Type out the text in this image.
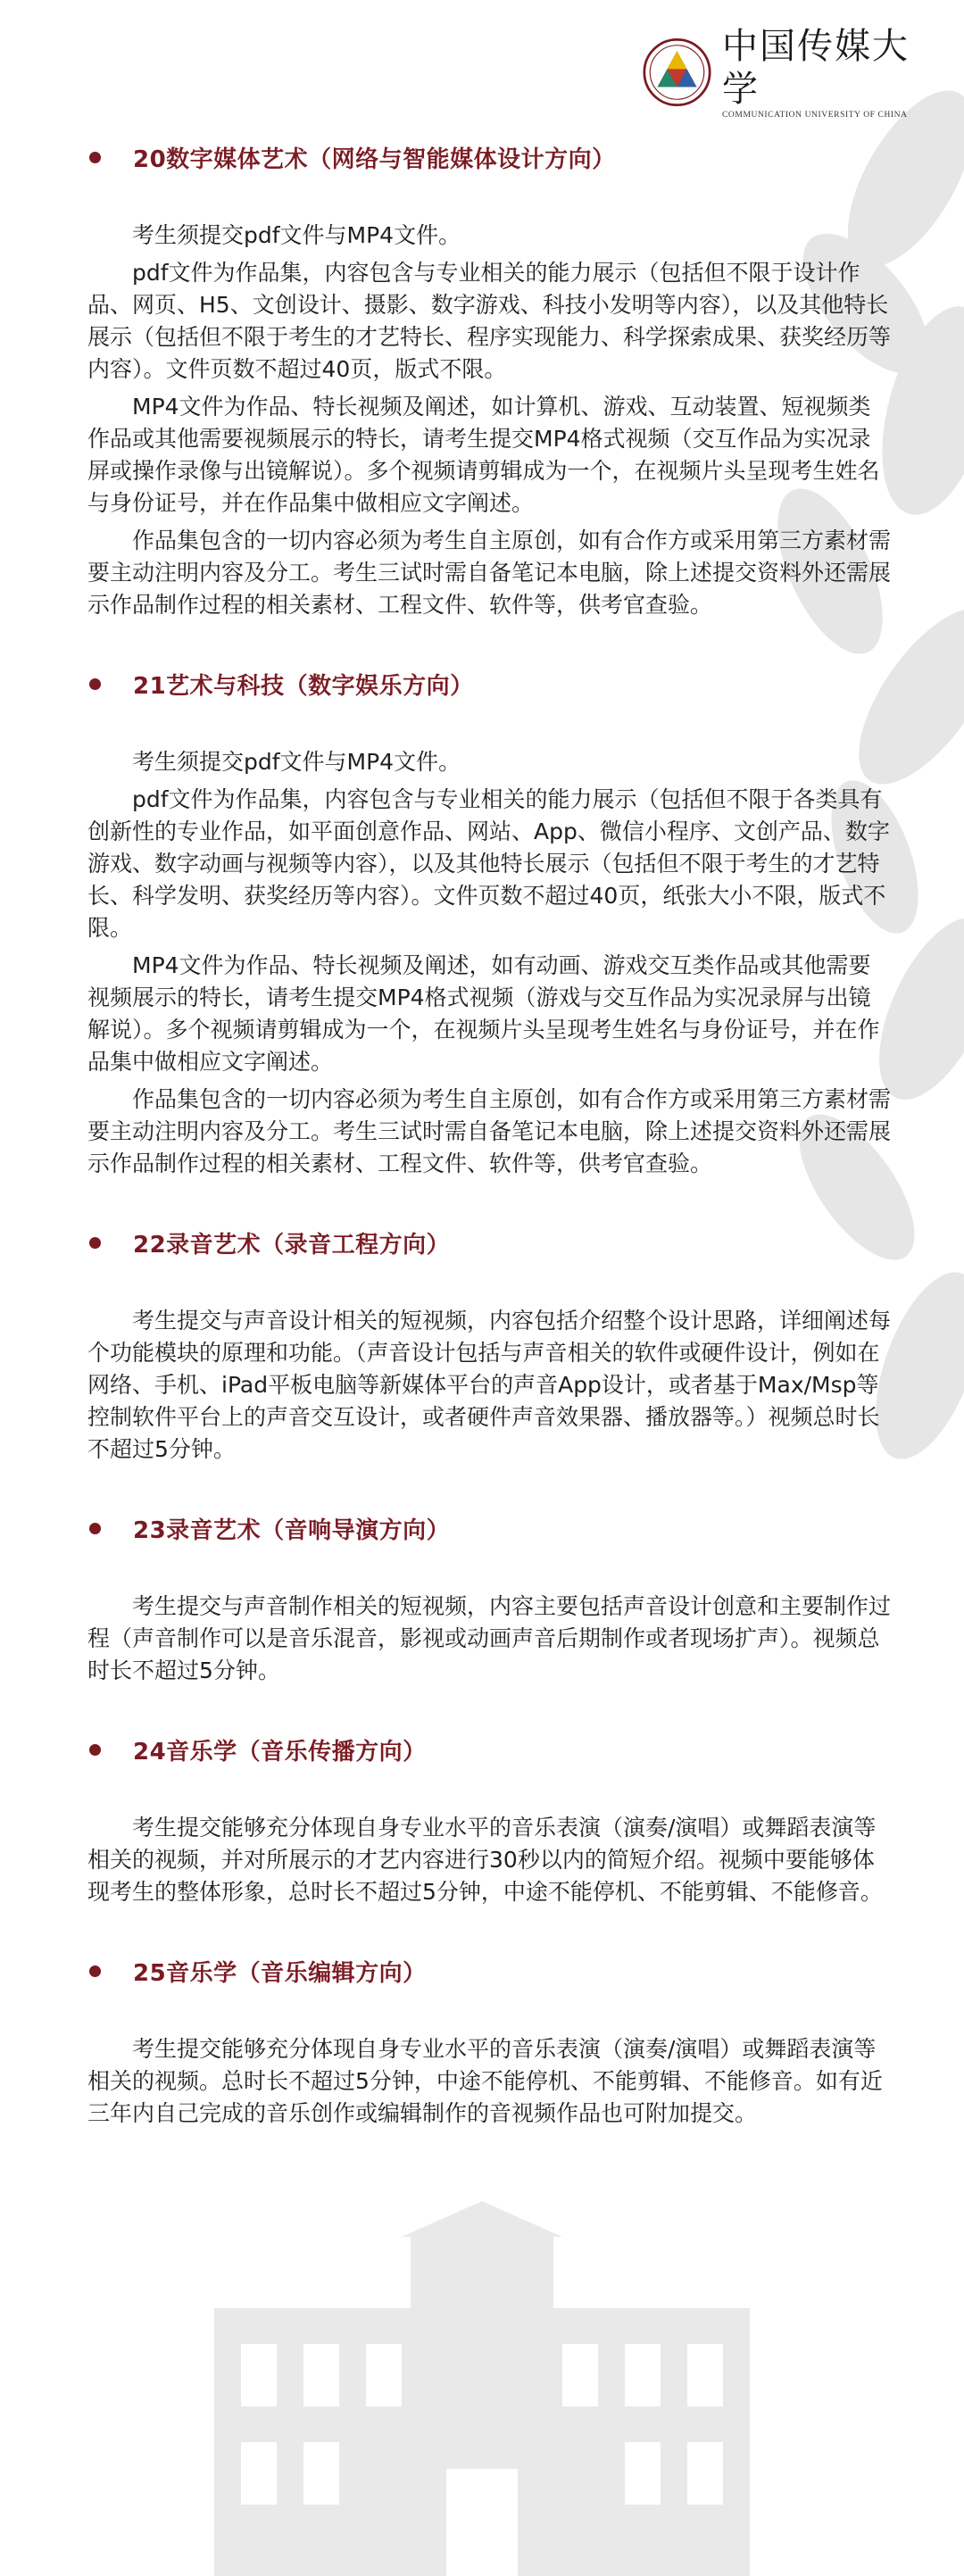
中国传媒大学
COMMUNICATION UNIVERSITY OF CHINA
20数字媒体艺术（网络与智能媒体设计方向）

考生须提交pdf文件与MP4文件。

pdf文件为作品集，内容包含与专业相关的能力展示（包括但不限于设计作品、网页、H5、文创设计、摄影、数字游戏、科技小发明等内容），以及其他特长展示（包括但不限于考生的才艺特长、程序实现能力、科学探索成果、获奖经历等内容）。文件页数不超过40页，版式不限。

MP4文件为作品、特长视频及阐述，如计算机、游戏、互动装置、短视频类作品或其他需要视频展示的特长，请考生提交MP4格式视频（交互作品为实况录屏或操作录像与出镜解说）。多个视频请剪辑成为一个，在视频片头呈现考生姓名与身份证号，并在作品集中做相应文字阐述。

作品集包含的一切内容必须为考生自主原创，如有合作方或采用第三方素材需要主动注明内容及分工。考生三试时需自备笔记本电脑，除上述提交资料外还需展示作品制作过程的相关素材、工程文件、软件等，供考官查验。

21艺术与科技（数字娱乐方向）

考生须提交pdf文件与MP4文件。

pdf文件为作品集，内容包含与专业相关的能力展示（包括但不限于各类具有创新性的专业作品，如平面创意作品、网站、App、微信小程序、文创产品、数字游戏、数字动画与视频等内容），以及其他特长展示（包括但不限于考生的才艺特长、科学发明、获奖经历等内容）。文件页数不超过40页，纸张大小不限，版式不限。

MP4文件为作品、特长视频及阐述，如有动画、游戏交互类作品或其他需要视频展示的特长，请考生提交MP4格式视频（游戏与交互作品为实况录屏与出镜解说）。多个视频请剪辑成为一个，在视频片头呈现考生姓名与身份证号，并在作品集中做相应文字阐述。

作品集包含的一切内容必须为考生自主原创，如有合作方或采用第三方素材需要主动注明内容及分工。考生三试时需自备笔记本电脑，除上述提交资料外还需展示作品制作过程的相关素材、工程文件、软件等，供考官查验。

22录音艺术（录音工程方向）

考生提交与声音设计相关的短视频，内容包括介绍整个设计思路，详细阐述每个功能模块的原理和功能。（声音设计包括与声音相关的软件或硬件设计，例如在网络、手机、iPad平板电脑等新媒体平台的声音App设计，或者基于Max/Msp等控制软件平台上的声音交互设计，或者硬件声音效果器、播放器等。）视频总时长不超过5分钟。

23录音艺术（音响导演方向）

考生提交与声音制作相关的短视频，内容主要包括声音设计创意和主要制作过程（声音制作可以是音乐混音，影视或动画声音后期制作或者现场扩声）。视频总时长不超过5分钟。

24音乐学（音乐传播方向）

考生提交能够充分体现自身专业水平的音乐表演（演奏/演唱）或舞蹈表演等相关的视频，并对所展示的才艺内容进行30秒以内的简短介绍。视频中要能够体现考生的整体形象，总时长不超过5分钟，中途不能停机、不能剪辑、不能修音。

25音乐学（音乐编辑方向）

考生提交能够充分体现自身专业水平的音乐表演（演奏/演唱）或舞蹈表演等相关的视频。总时长不超过5分钟，中途不能停机、不能剪辑、不能修音。如有近三年内自己完成的音乐创作或编辑制作的音视频作品也可附加提交。
